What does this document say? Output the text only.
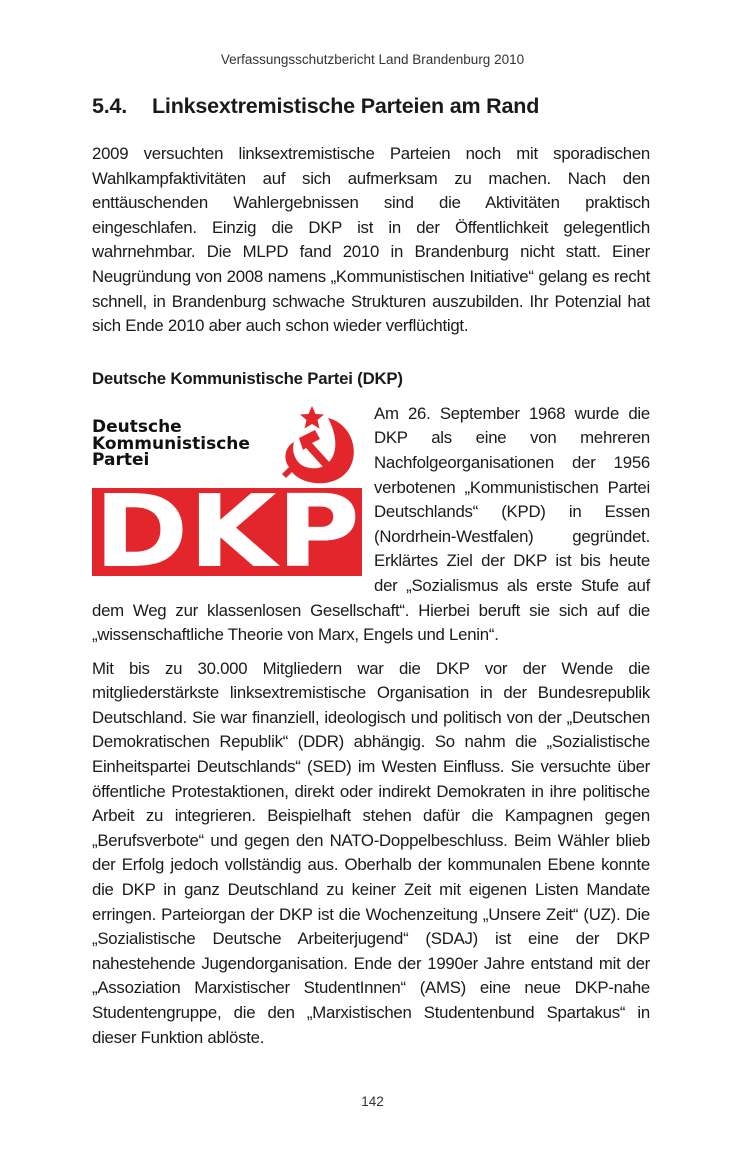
Verfassungsschutzbericht Land Brandenburg 2010
5.4. Linksextremistische Parteien am Rand

2009 versuchten linksextremistische Parteien noch mit sporadischen Wahlkampfaktivitäten auf sich aufmerksam zu machen. Nach den enttäuschenden Wahlergebnissen sind die Aktivitäten praktisch eingeschlafen. Einzig die DKP ist in der Öffentlichkeit gelegentlich wahrnehmbar. Die MLPD fand 2010 in Brandenburg nicht statt. Einer Neugründung von 2008 namens „Kommunistischen Initiative“ gelang es recht schnell, in Brandenburg schwache Strukturen auszubilden. Ihr Potenzial hat sich Ende 2010 aber auch schon wieder verflüchtigt.

Deutsche Kommunistische Partei (DKP)
Deutsche
Kommunistische
Partei
DKP

Am 26. September 1968 wurde die DKP als eine von mehreren Nachfolgeorganisationen der 1956 verbotenen „Kommunistischen Partei Deutschlands“ (KPD) in Essen (Nordrhein-Westfalen) gegründet. Erklärtes Ziel der DKP ist bis heute der „Sozialismus als erste Stufe auf dem Weg zur klassenlosen Gesellschaft“. Hierbei beruft sie sich auf die „wissenschaftliche Theorie von Marx, Engels und Lenin“.

Mit bis zu 30.000 Mitgliedern war die DKP vor der Wende die mitgliederstärkste linksextremistische Organisation in der Bundesrepublik Deutschland. Sie war finanziell, ideologisch und politisch von der „Deutschen Demokratischen Republik“ (DDR) abhängig. So nahm die „Sozialistische Einheitspartei Deutschlands“ (SED) im Westen Einfluss. Sie versuchte über öffentliche Protestaktionen, direkt oder indirekt Demokraten in ihre politische Arbeit zu integrieren. Beispielhaft stehen dafür die Kampagnen gegen „Berufsverbote“ und gegen den NATO-Doppelbeschluss. Beim Wähler blieb der Erfolg jedoch vollständig aus. Oberhalb der kommunalen Ebene konnte die DKP in ganz Deutschland zu keiner Zeit mit eigenen Listen Mandate erringen. Parteiorgan der DKP ist die Wochenzeitung „Unsere Zeit“ (UZ). Die „Sozialistische Deutsche Arbeiterjugend“ (SDAJ) ist eine der DKP nahestehende Jugendorganisation. Ende der 1990er Jahre entstand mit der „Assoziation Marxistischer StudentInnen“ (AMS) eine neue DKP-nahe Studentengruppe, die den „Marxistischen Studentenbund Spartakus“ in dieser Funktion ablöste.

142
